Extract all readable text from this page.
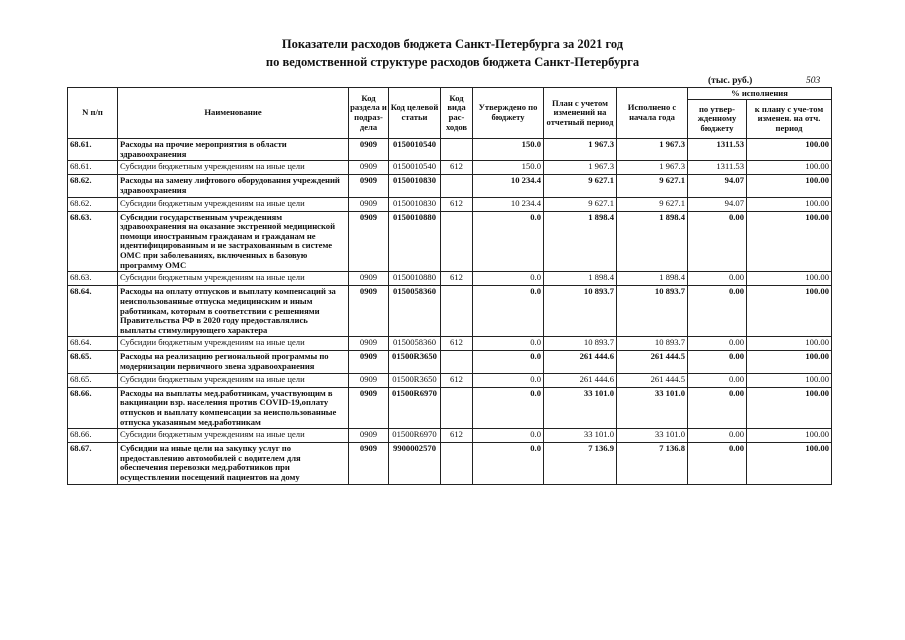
Показатели расходов бюджета Санкт-Петербурга за 2021 год
по ведомственной структуре расходов бюджета Санкт-Петербурга
(тыс. руб.)	503
N п/п	Наименование	Код раздела и подраз-дела	Код целевой статьи	Код вида рас-ходов	Утверждено по бюджету	План с учетом изменений на отчетный период	Исполнено с начала года	% исполнения	
								по утвер-жденному бюджету	к плану с уче-том изменен. на отч. период
68.61.	Расходы на прочие мероприятия в области здравоохранения	0909	0150010540		150.0	1 967.3	1 967.3	1311.53	100.00
68.61.	Субсидии бюджетным учреждениям на иные цели	0909	0150010540	612	150.0	1 967.3	1 967.3	1311.53	100.00
68.62.	Расходы на замену лифтового оборудования учреждений здравоохранения	0909	0150010830		10 234.4	9 627.1	9 627.1	94.07	100.00
68.62.	Субсидии бюджетным учреждениям на иные цели	0909	0150010830	612	10 234.4	9 627.1	9 627.1	94.07	100.00
68.63.	Субсидии государственным учреждениям здравоохранения на оказание экстренной медицинской помощи иностранным гражданам и гражданам не идентифицированным и не застрахованным в системе ОМС при заболеваниях, включенных в базовую программу ОМС	0909	0150010880		0.0	1 898.4	1 898.4	0.00	100.00
68.63.	Субсидии бюджетным учреждениям на иные цели	0909	0150010880	612	0.0	1 898.4	1 898.4	0.00	100.00
68.64.	Расходы на оплату отпусков и выплату компенсаций за неиспользованные отпуска медицинским и иным работникам, которым в соответствии с решениями Правительства РФ в 2020 году предоставлялись выплаты стимулирующего характера	0909	0150058360		0.0	10 893.7	10 893.7	0.00	100.00
68.64.	Субсидии бюджетным учреждениям на иные цели	0909	0150058360	612	0.0	10 893.7	10 893.7	0.00	100.00
68.65.	Расходы на реализацию региональной программы по модернизации первичного звена здравоохранения	0909	01500R3650		0.0	261 444.6	261 444.5	0.00	100.00
68.65.	Субсидии бюджетным учреждениям на иные цели	0909	01500R3650	612	0.0	261 444.6	261 444.5	0.00	100.00
68.66.	Расходы на выплаты мед.работникам, участвующим в вакцинации взр. населения против COVID-19,оплату отпусков и выплату компенсации за неиспользованные отпуска указанным мед.работникам	0909	01500R6970		0.0	33 101.0	33 101.0	0.00	100.00
68.66.	Субсидии бюджетным учреждениям на иные цели	0909	01500R6970	612	0.0	33 101.0	33 101.0	0.00	100.00
68.67.	Субсидии на иные цели на закупку услуг по предоставлению автомобилей с водителем для обеспечения перевозки мед.работников при осуществлении посещений пациентов на дому	0909	9900002570		0.0	7 136.9	7 136.8	0.00	100.00
